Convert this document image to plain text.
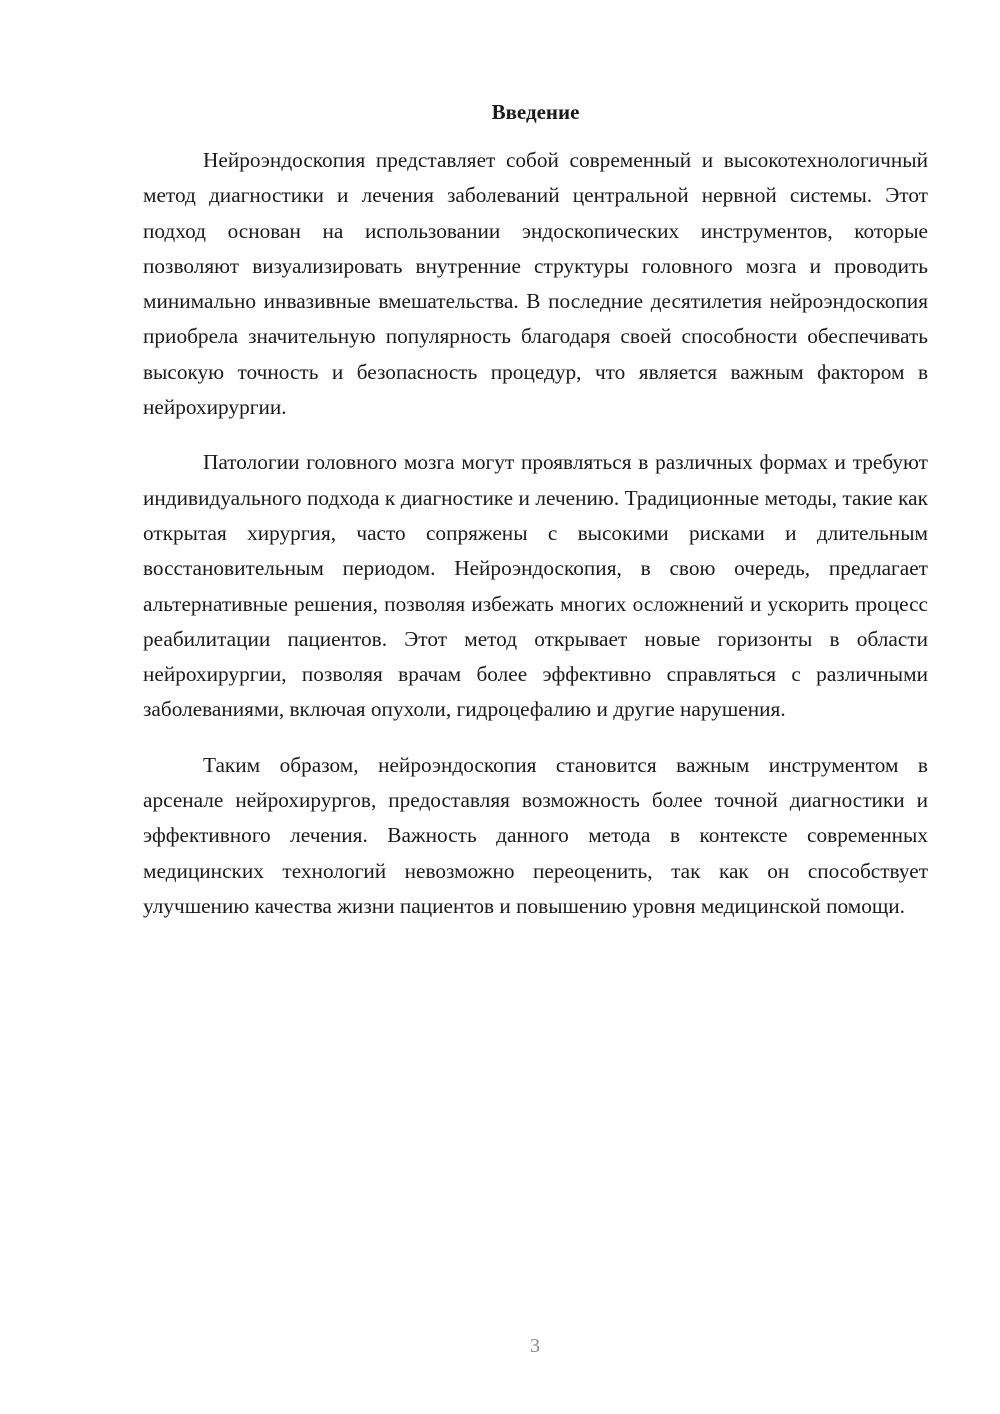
Введение

Нейроэндоскопия представляет собой современный и высокотехнологичный метод диагностики и лечения заболеваний центральной нервной системы. Этот подход основан на использовании эндоскопических инструментов, которые позволяют визуализировать внутренние структуры головного мозга и проводить минимально инвазивные вмешательства. В последние десятилетия нейроэндоскопия приобрела значительную популярность благодаря своей способности обеспечивать высокую точность и безопасность процедур, что является важным фактором в нейрохирургии.

Патологии головного мозга могут проявляться в различных формах и требуют индивидуального подхода к диагностике и лечению. Традиционные методы, такие как открытая хирургия, часто сопряжены с высокими рисками и длительным восстановительным периодом. Нейроэндоскопия, в свою очередь, предлагает альтернативные решения, позволяя избежать многих осложнений и ускорить процесс реабилитации пациентов. Этот метод открывает новые горизонты в области нейрохирургии, позволяя врачам более эффективно справляться с различными заболеваниями, включая опухоли, гидроцефалию и другие нарушения.

Таким образом, нейроэндоскопия становится важным инструментом в арсенале нейрохирургов, предоставляя возможность более точной диагностики и эффективного лечения. Важность данного метода в контексте современных медицинских технологий невозможно переоценить, так как он способствует улучшению качества жизни пациентов и повышению уровня медицинской помощи.

3
